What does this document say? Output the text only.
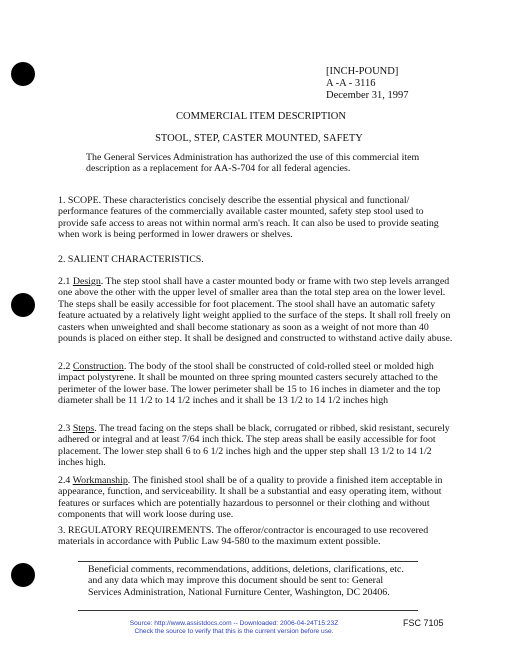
[INCH-POUND]
A -A - 3116
December 31, 1997
COMMERCIAL ITEM DESCRIPTION
STOOL, STEP, CASTER MOUNTED, SAFETY
The General Services Administration has authorized the use of this commercial item description as a replacement for AA-S-704 for all federal agencies.
1. SCOPE. These characteristics concisely describe the essential physical and functional/ performance features of the commercially available caster mounted, safety step stool used to provide safe access to areas not within normal arm's reach. It can also be used to provide seating when work is being performed in lower drawers or shelves.
2. SALIENT CHARACTERISTICS.
2.1 Design. The step stool shall have a caster mounted body or frame with two step levels arranged one above the other with the upper level of smaller area than the total step area on the lower level. The steps shall be easily accessible for foot placement. The stool shall have an automatic safety feature actuated by a relatively light weight applied to the surface of the steps. It shall roll freely on casters when unweighted and shall become stationary as soon as a weight of not more than 40 pounds is placed on either step. It shall be designed and constructed to withstand active daily abuse.
2.2 Construction. The body of the stool shall be constructed of cold-rolled steel or molded high impact polystyrene. It shall be mounted on three spring mounted casters securely attached to the perimeter of the lower base. The lower perimeter shall be 15 to 16 inches in diameter and the top diameter shall be 11 1/2 to 14 1/2 inches and it shall be 13 1/2 to 14 1/2 inches high
2.3 Steps. The tread facing on the steps shall be black, corrugated or ribbed, skid resistant, securely adhered or integral and at least 7/64 inch thick. The step areas shall be easily accessible for foot placement. The lower step shall 6 to 6 1/2 inches high and the upper step shall 13 1/2 to 14 1/2 inches high.
2.4 Workmanship. The finished stool shall be of a quality to provide a finished item acceptable in appearance, function, and serviceability. It shall be a substantial and easy operating item, without features or surfaces which are potentially hazardous to personnel or their clothing and without components that will work loose during use.
3. REGULATORY REQUIREMENTS. The offeror/contractor is encouraged to use recovered materials in accordance with Public Law 94-580 to the maximum extent possible.
Beneficial comments, recommendations, additions, deletions, clarifications, etc. and any data which may improve this document should be sent to: General Services Administration, National Furniture Center, Washington, DC 20406.
Source: http://www.assistdocs.com -- Downloaded: 2006-04-24T15:23Z
Check the source to verify that this is the current version before use.
FSC 7105
